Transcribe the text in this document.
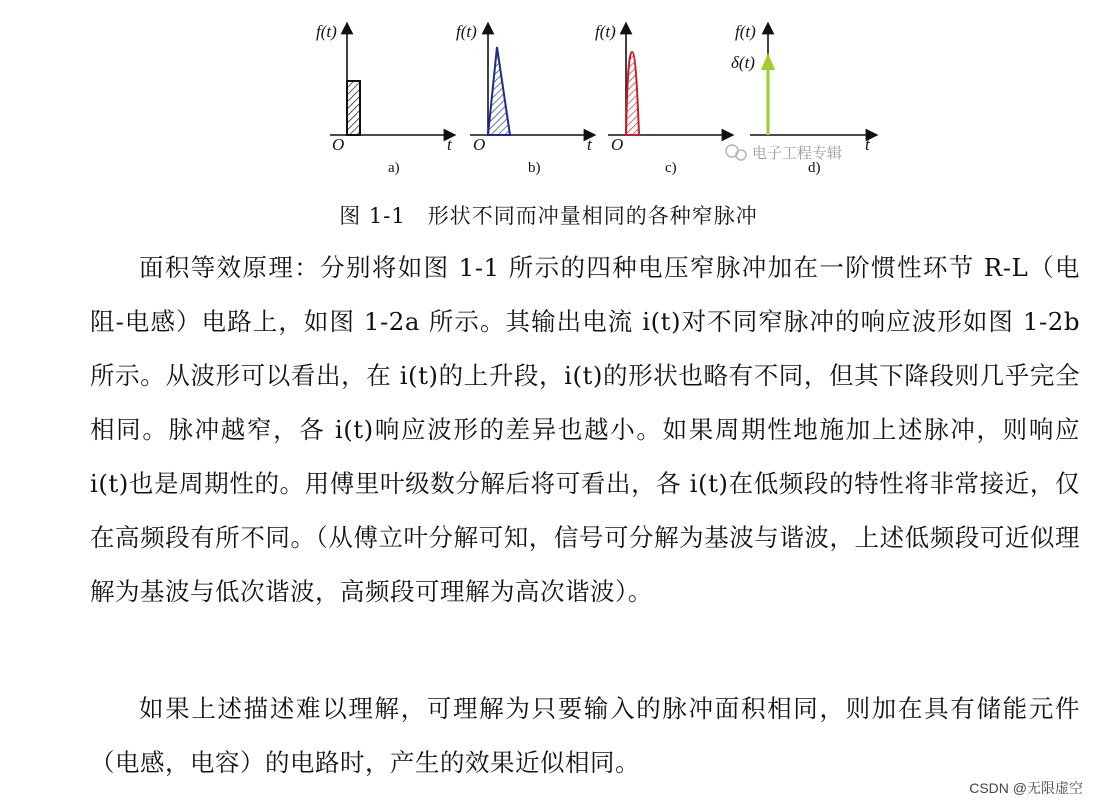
f(t)
O	t
a)
f(t)
O	t
b)
f(t)
O
c)
f(t)
δ(t)
t
d)
电子工程专辑
图 1-1　形状不同而冲量相同的各种窄脉冲

面积等效原理：分别将如图 1-1 所示的四种电压窄脉冲加在一阶惯性环节 R-L（电阻-电感）电路上，如图 1-2a 所示。其输出电流 i(t)对不同窄脉冲的响应波形如图 1-2b 所示。从波形可以看出，在 i(t)的上升段，i(t)的形状也略有不同，但其下降段则几乎完全相同。脉冲越窄，各 i(t)响应波形的差异也越小。如果周期性地施加上述脉冲，则响应 i(t)也是周期性的。用傅里叶级数分解后将可看出，各 i(t)在低频段的特性将非常接近，仅在高频段有所不同。（从傅立叶分解可知，信号可分解为基波与谐波，上述低频段可近似理解为基波与低次谐波，高频段可理解为高次谐波）。

如果上述描述难以理解，可理解为只要输入的脉冲面积相同，则加在具有储能元件（电感，电容）的电路时，产生的效果近似相同。

CSDN @无限虚空
